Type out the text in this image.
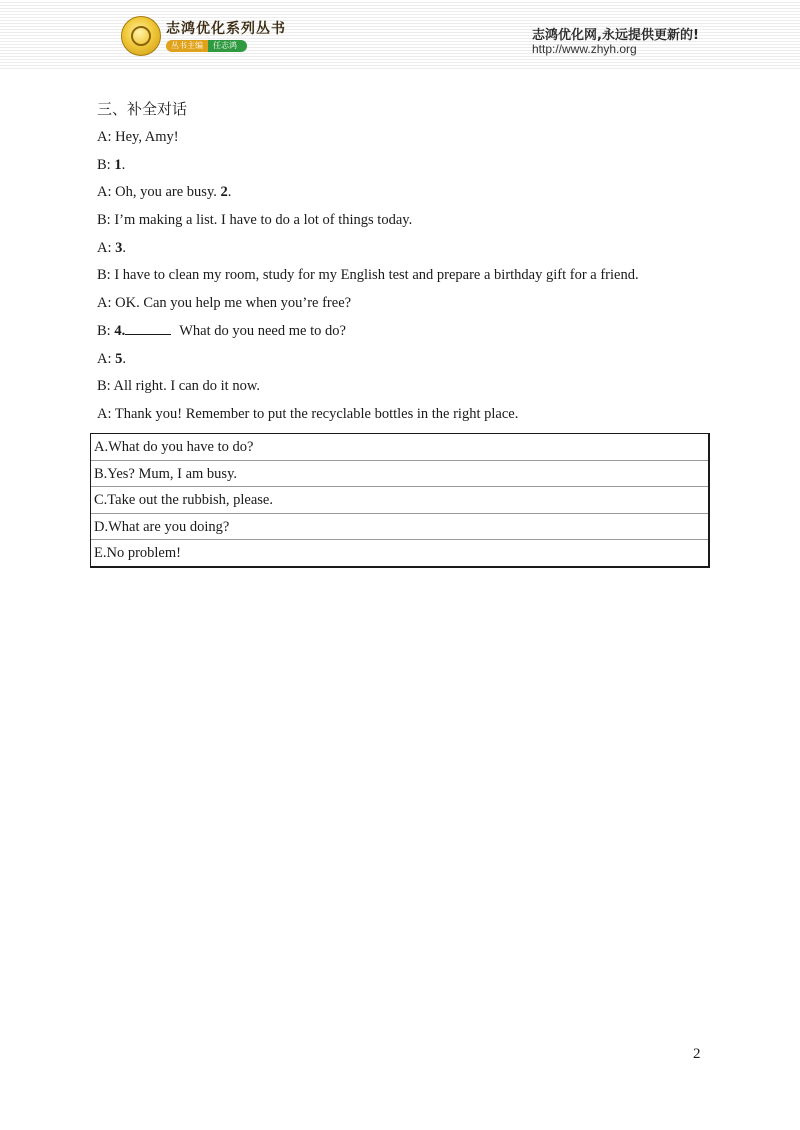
志鸿优化系列丛书
丛书主编	任志鸿
志鸿优化网,永远提供更新的!
http://www.zhyh.org
三、补全对话
A: Hey, Amy!
B: 1.
A: Oh, you are busy. 2.
B: I’m making a list. I have to do a lot of things today.
A: 3.
B: I have to clean my room, study for my English test and prepare a birthday gift for a friend.
A: OK. Can you help me when you’re free?
B: 4.	What do you need me to do?
A: 5.
B: All right. I can do it now.
A: Thank you! Remember to put the recyclable bottles in the right place.
A.What do you have to do?
B.Yes? Mum, I am busy.
C.Take out the rubbish, please.
D.What are you doing?
E.No problem!
2
